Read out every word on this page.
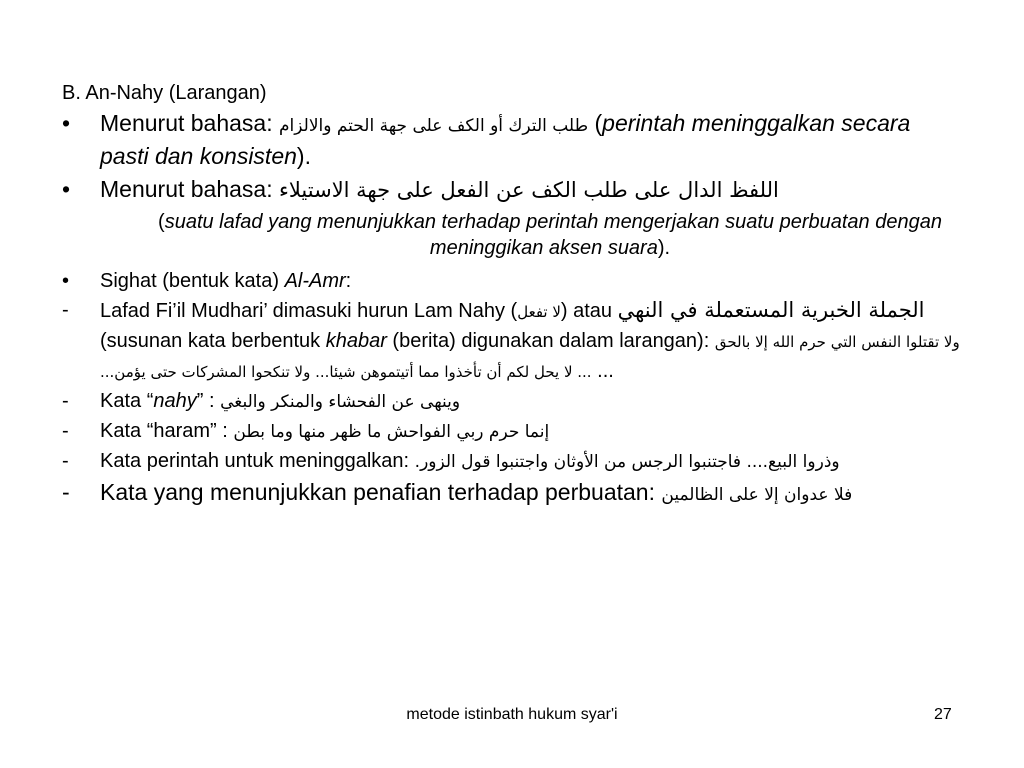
B. An-Nahy (Larangan)
• Menurut bahasa: طلب الترك أو الكف على جهة الحتم والالزام (perintah meninggalkan secara pasti dan konsisten).
• Menurut bahasa: اللفظ الدال على طلب الكف عن الفعل على جهة الاستيلاء
(suatu lafad yang menunjukkan terhadap perintah mengerjakan suatu perbuatan dengan meninggikan aksen suara).
• Sighat (bentuk kata) Al-Amr:
- Lafad Fi’il Mudhari’ dimasuki hurun Lam Nahy (لا تفعل) atau الجملة الخبرية المستعملة في النهي (susunan kata berbentuk khabar (berita) digunakan dalam larangan): ولا تقتلوا النفس التي حرم الله إلا بالحق ... لا يحل لكم أن تأخذوا مما أتيتموهن شيئا... ولا تنكحوا المشركات حتى يؤمن... ...
- Kata “nahy” : وينهى عن الفحشاء والمنكر والبغي
- Kata “haram” : إنما حرم ربي الفواحش ما ظهر منها وما بطن
- Kata perintah untuk meninggalkan: وذروا البيع.... فاجتنبوا الرجس من الأوثان واجتنبوا قول الزور.
- Kata yang menunjukkan penafian terhadap perbuatan: فلا عدوان إلا على الظالمين
metode istinbath hukum syar'i	27
